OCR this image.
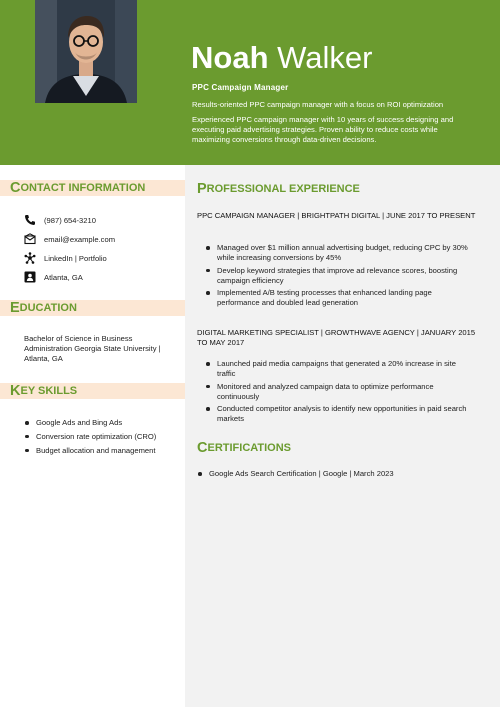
Noah Walker
PPC Campaign Manager
Results-oriented PPC campaign manager with a focus on ROI optimization
Experienced PPC campaign manager with 10 years of success designing and executing paid advertising strategies. Proven ability to reduce costs while maximizing conversions through data-driven decisions.
C ONTACT INFORMATION
(987) 654-3210
email@example.com
LinkedIn | Portfolio
Atlanta, GA
E DUCATION
Bachelor of Science in Business Administration Georgia State University | Atlanta, GA
K EY SKILLS
Google Ads and Bing Ads
Conversion rate optimization (CRO)
Budget allocation and management
P ROFESSIONAL EXPERIENCE
PPC CAMPAIGN MANAGER | BRIGHTPATH DIGITAL | JUNE 2017 TO PRESENT
Managed over $1 million annual advertising budget, reducing CPC by 30% while increasing conversions by 45%
Develop keyword strategies that improve ad relevance scores, boosting campaign efficiency
Implemented A/B testing processes that enhanced landing page performance and doubled lead generation
DIGITAL MARKETING SPECIALIST | GROWTHWAVE AGENCY | JANUARY 2015 TO MAY 2017
Launched paid media campaigns that generated a 20% increase in site traffic
Monitored and analyzed campaign data to optimize performance continuously
Conducted competitor analysis to identify new opportunities in paid search markets
C ERTIFICATIONS
Google Ads Search Certification | Google | March 2023
